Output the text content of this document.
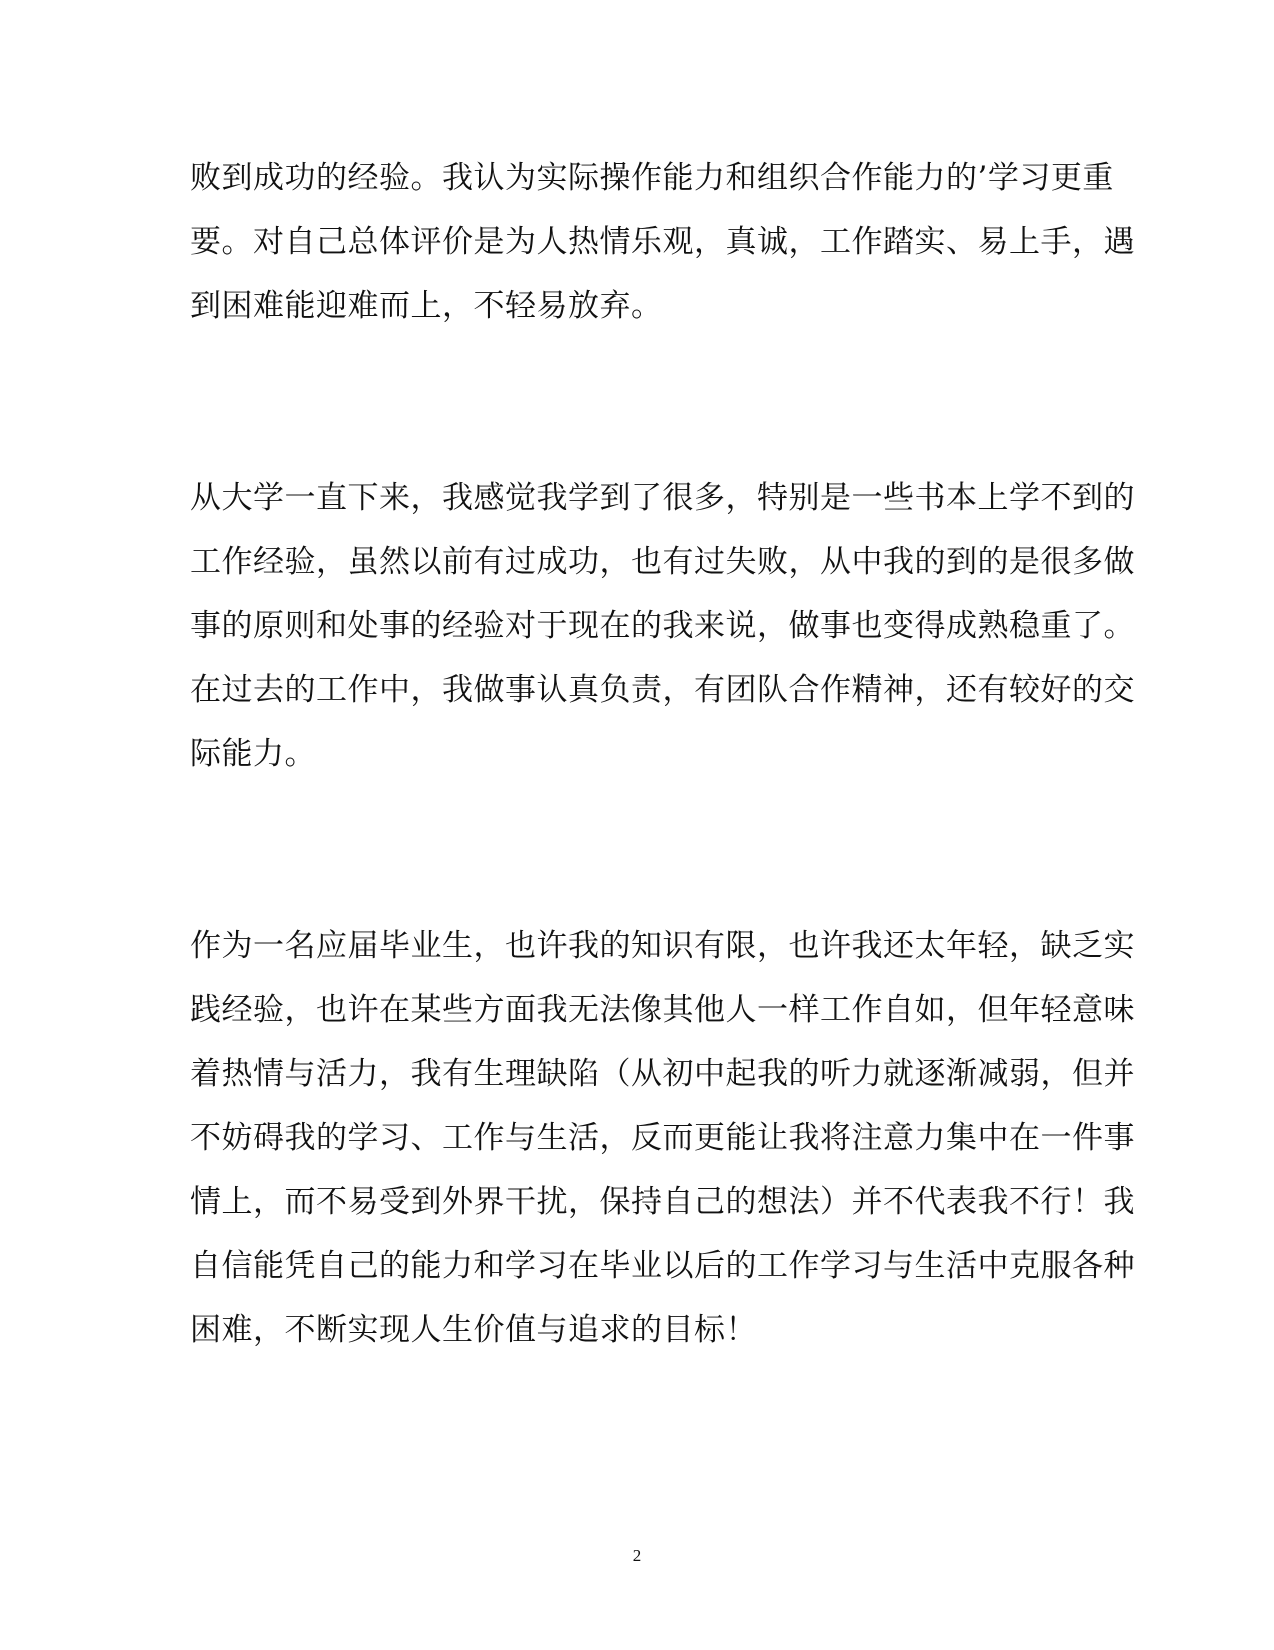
败到成功的经验。我认为实际操作能力和组织合作能力的’学习更重
要。对自己总体评价是为人热情乐观，真诚，工作踏实、易上手，遇
到困难能迎难而上，不轻易放弃。
从大学一直下来，我感觉我学到了很多，特别是一些书本上学不到的
工作经验，虽然以前有过成功，也有过失败，从中我的到的是很多做
事的原则和处事的经验对于现在的我来说，做事也变得成熟稳重了。
在过去的工作中，我做事认真负责，有团队合作精神，还有较好的交
际能力。
作为一名应届毕业生，也许我的知识有限，也许我还太年轻，缺乏实
践经验，也许在某些方面我无法像其他人一样工作自如，但年轻意味
着热情与活力，我有生理缺陷（从初中起我的听力就逐渐减弱，但并
不妨碍我的学习、工作与生活，反而更能让我将注意力集中在一件事
情上，而不易受到外界干扰，保持自己的想法）并不代表我不行！我
自信能凭自己的能力和学习在毕业以后的工作学习与生活中克服各种
困难，不断实现人生价值与追求的目标！
2
